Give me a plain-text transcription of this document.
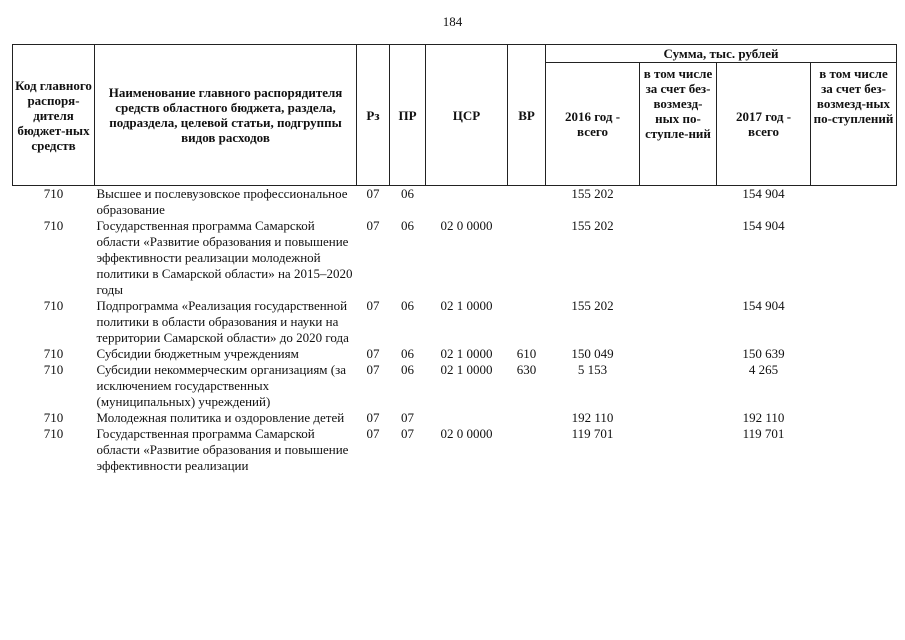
184
Код главного распоря-дителя бюджет-ных средств	Наименование главного распорядителя средств областного бюджета, раздела, подраздела, целевой статьи, подгруппы видов расходов	Рз	ПР	ЦСР	ВР	Сумма, тыс. рублей			
						2016 год - всего	в том числе за счет без-возмезд-ных по-ступле-ний	2017 год - всего	в том числе за счет без-возмезд-ных по-ступлений
710	Высшее и послевузовское профессиональное образование	07	06			155 202		154 904	
710	Государственная программа Самарской области «Развитие образования и повышение эффективности реализации молодежной политики в Самарской области» на 2015–2020 годы	07	06	02 0 0000		155 202		154 904	
710	Подпрограмма «Реализация государственной политики в области образования и науки на территории Самарской области» до 2020 года	07	06	02 1 0000		155 202		154 904	
710	Субсидии бюджетным учреждениям	07	06	02 1 0000	610	150 049		150 639	
710	Субсидии некоммерческим организациям (за исключением государственных (муниципальных) учреждений)	07	06	02 1 0000	630	5 153		4 265	
710	Молодежная политика и оздоровление детей	07	07			192 110		192 110	
710	Государственная программа Самарской области «Развитие образования и повышение эффективности реализации	07	07	02 0 0000		119 701		119 701	
